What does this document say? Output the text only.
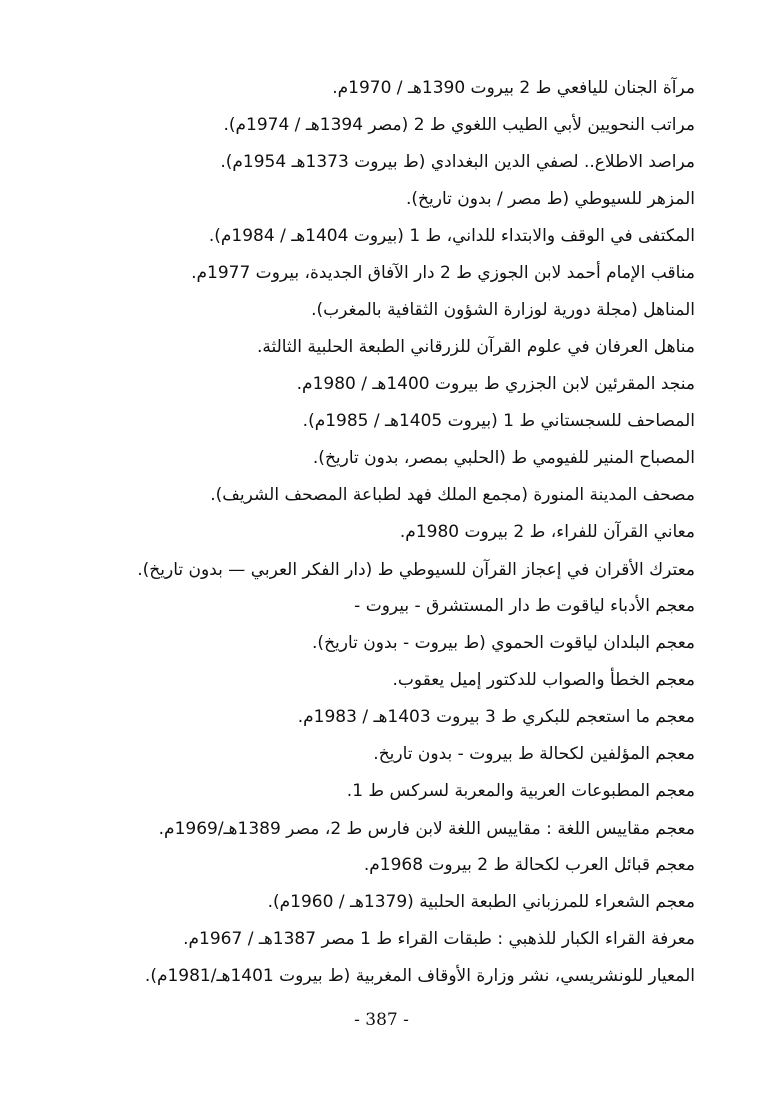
مرآة الجنان لليافعي ط 2 بيروت 1390هـ / 1970م.
مراتب النحويين لأبي الطيب اللغوي ط 2 (مصر 1394هـ / 1974م).
مراصد الاطلاع.. لصفي الدين البغدادي (ط بيروت 1373هـ 1954م).
المزهر للسيوطي (ط مصر / بدون تاريخ).
المكتفى في الوقف والابتداء للداني، ط 1 (بيروت 1404هـ / 1984م).
مناقب الإمام أحمد لابن الجوزي ط 2 دار الآفاق الجديدة، بيروت 1977م.
المناهل (مجلة دورية لوزارة الشؤون الثقافية بالمغرب).
مناهل العرفان في علوم القرآن للزرقاني الطبعة الحلبية الثالثة.
منجد المقرئين لابن الجزري ط بيروت 1400هـ / 1980م.
المصاحف للسجستاني ط 1 (بيروت 1405هـ / 1985م).
المصباح المنير للفيومي ط (الحلبي بمصر، بدون تاريخ).
مصحف المدينة المنورة (مجمع الملك فهد لطباعة المصحف الشريف).
معاني القرآن للفراء، ط 2 بيروت 1980م.
معترك الأقران في إعجاز القرآن للسيوطي ط (دار الفكر العربي — بدون تاريخ).
معجم الأدباء لياقوت ط دار المستشرق - بيروت -
معجم البلدان لياقوت الحموي (ط بيروت - بدون تاريخ).
معجم الخطأ والصواب للدكتور إميل يعقوب.
معجم ما استعجم للبكري ط 3 بيروت 1403هـ / 1983م.
معجم المؤلفين لكحالة ط بيروت - بدون تاريخ.
معجم المطبوعات العربية والمعربة لسركس ط 1.
معجم مقاييس اللغة : مقاييس اللغة لابن فارس ط 2، مصر 1389هـ/1969م.
معجم قبائل العرب لكحالة ط 2 بيروت 1968م.
معجم الشعراء للمرزباني الطبعة الحلبية (1379هـ / 1960م).
معرفة القراء الكبار للذهبي : طبقات القراء ط 1 مصر 1387هـ / 1967م.
المعيار للونشريسي، نشر وزارة الأوقاف المغربية (ط بيروت 1401هـ/1981م).
- 387 -
